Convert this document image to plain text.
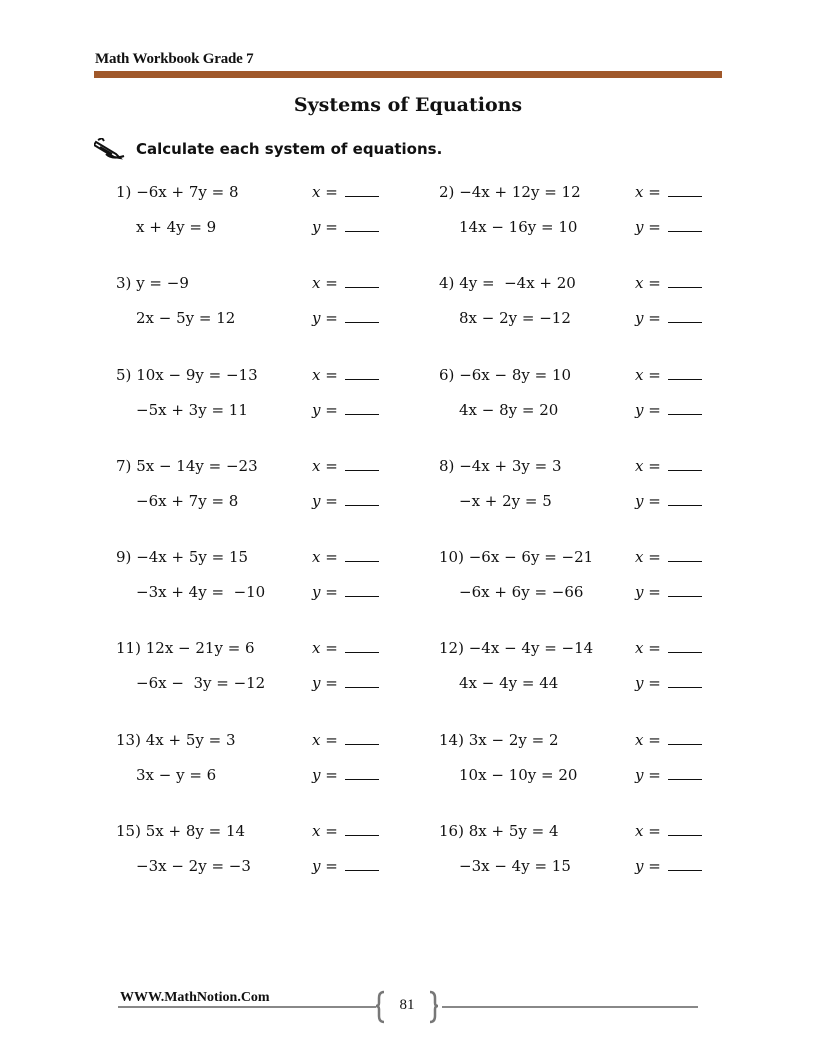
Math Workbook Grade 7
Systems of Equations
Calculate each system of equations.
1) −6x + 7y = 8
x + 4y = 9
x =
y =
2) −4x + 12y = 12
14x − 16y = 10
x =
y =
3) y = −9
2x − 5y = 12
x =
y =
4) 4y =  −4x + 20
8x − 2y = −12
x =
y =
5) 10x − 9y = −13
−5x + 3y = 11
x =
y =
6) −6x − 8y = 10
4x − 8y = 20
x =
y =
7) 5x − 14y = −23
−6x + 7y = 8
x =
y =
8) −4x + 3y = 3
−x + 2y = 5
x =
y =
9) −4x + 5y = 15
−3x + 4y =  −10
x =
y =
10) −6x − 6y = −21
−6x + 6y = −66
x =
y =
11) 12x − 21y = 6
−6x −  3y = −12
x =
y =
12) −4x − 4y = −14
4x − 4y = 44
x =
y =
13) 4x + 5y = 3
3x − y = 6
x =
y =
14) 3x − 2y = 2
10x − 10y = 20
x =
y =
15) 5x + 8y = 14
−3x − 2y = −3
x =
y =
16) 8x + 5y = 4
−3x − 4y = 15
x =
y =
WWW.MathNotion.Com	81
